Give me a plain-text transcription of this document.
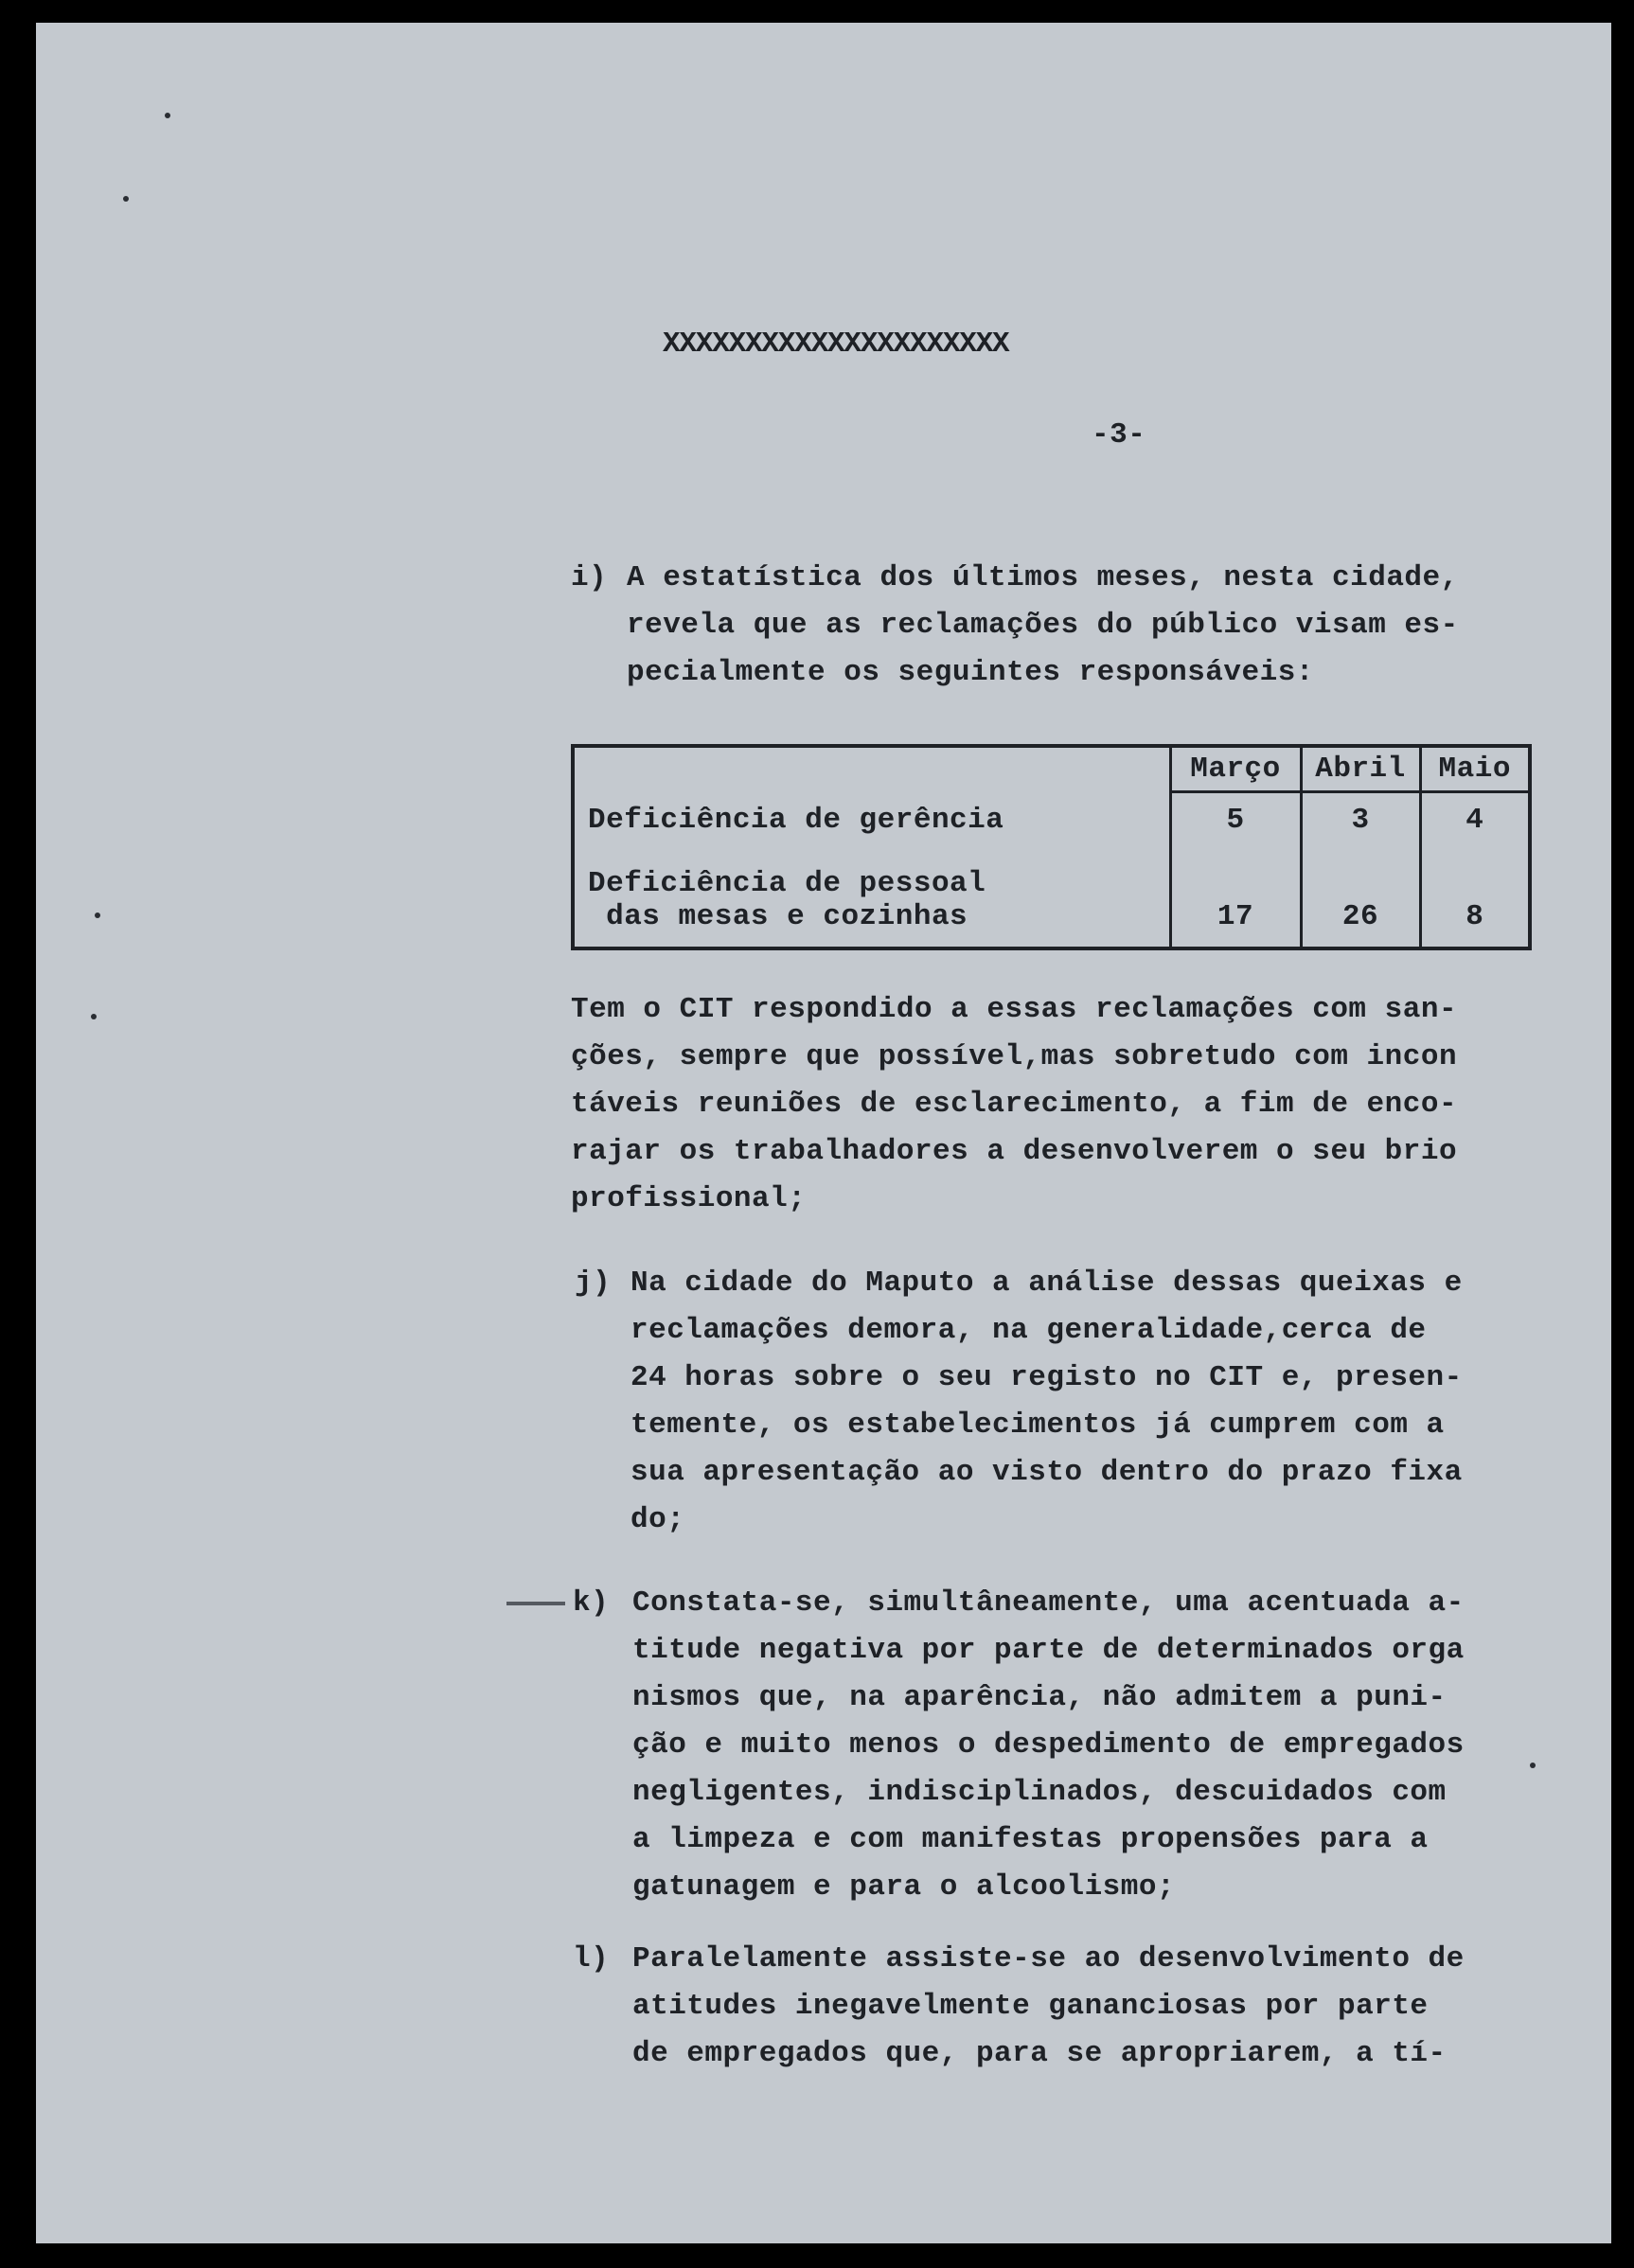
XXXXXXXXXXXXXXXXXXXXX
-3-
i) A estatística dos últimos meses, nesta cidade,
revela que as reclamações do público visam es-
pecialmente os seguintes responsáveis:
	Março	Abril	Maio
Deficiência de gerência	5	3	4

Deficiência de pessoal
das mesas e cozinhas	17	26	8
Tem o CIT respondido a essas reclamações com san-
ções, sempre que possível,mas sobretudo com incon
táveis reuniões de esclarecimento, a fim de enco-
rajar os trabalhadores a desenvolverem o seu brio
profissional;
j) Na cidade do Maputo a análise dessas queixas e
reclamações demora, na generalidade,cerca de
24 horas sobre o seu registo no CIT e, presen-
temente, os estabelecimentos já cumprem com a
sua apresentação ao visto dentro do prazo fixa
do;
k) Constata-se, simultâneamente, uma acentuada a-
titude negativa por parte de determinados orga
nismos que, na aparência, não admitem a puni-
ção e muito menos o despedimento de empregados
negligentes, indisciplinados, descuidados com
a limpeza e com manifestas propensões para a
gatunagem e para o alcoolismo;
l) Paralelamente assiste-se ao desenvolvimento de
atitudes inegavelmente gananciosas por parte
de empregados que, para se apropriarem, a tí-
